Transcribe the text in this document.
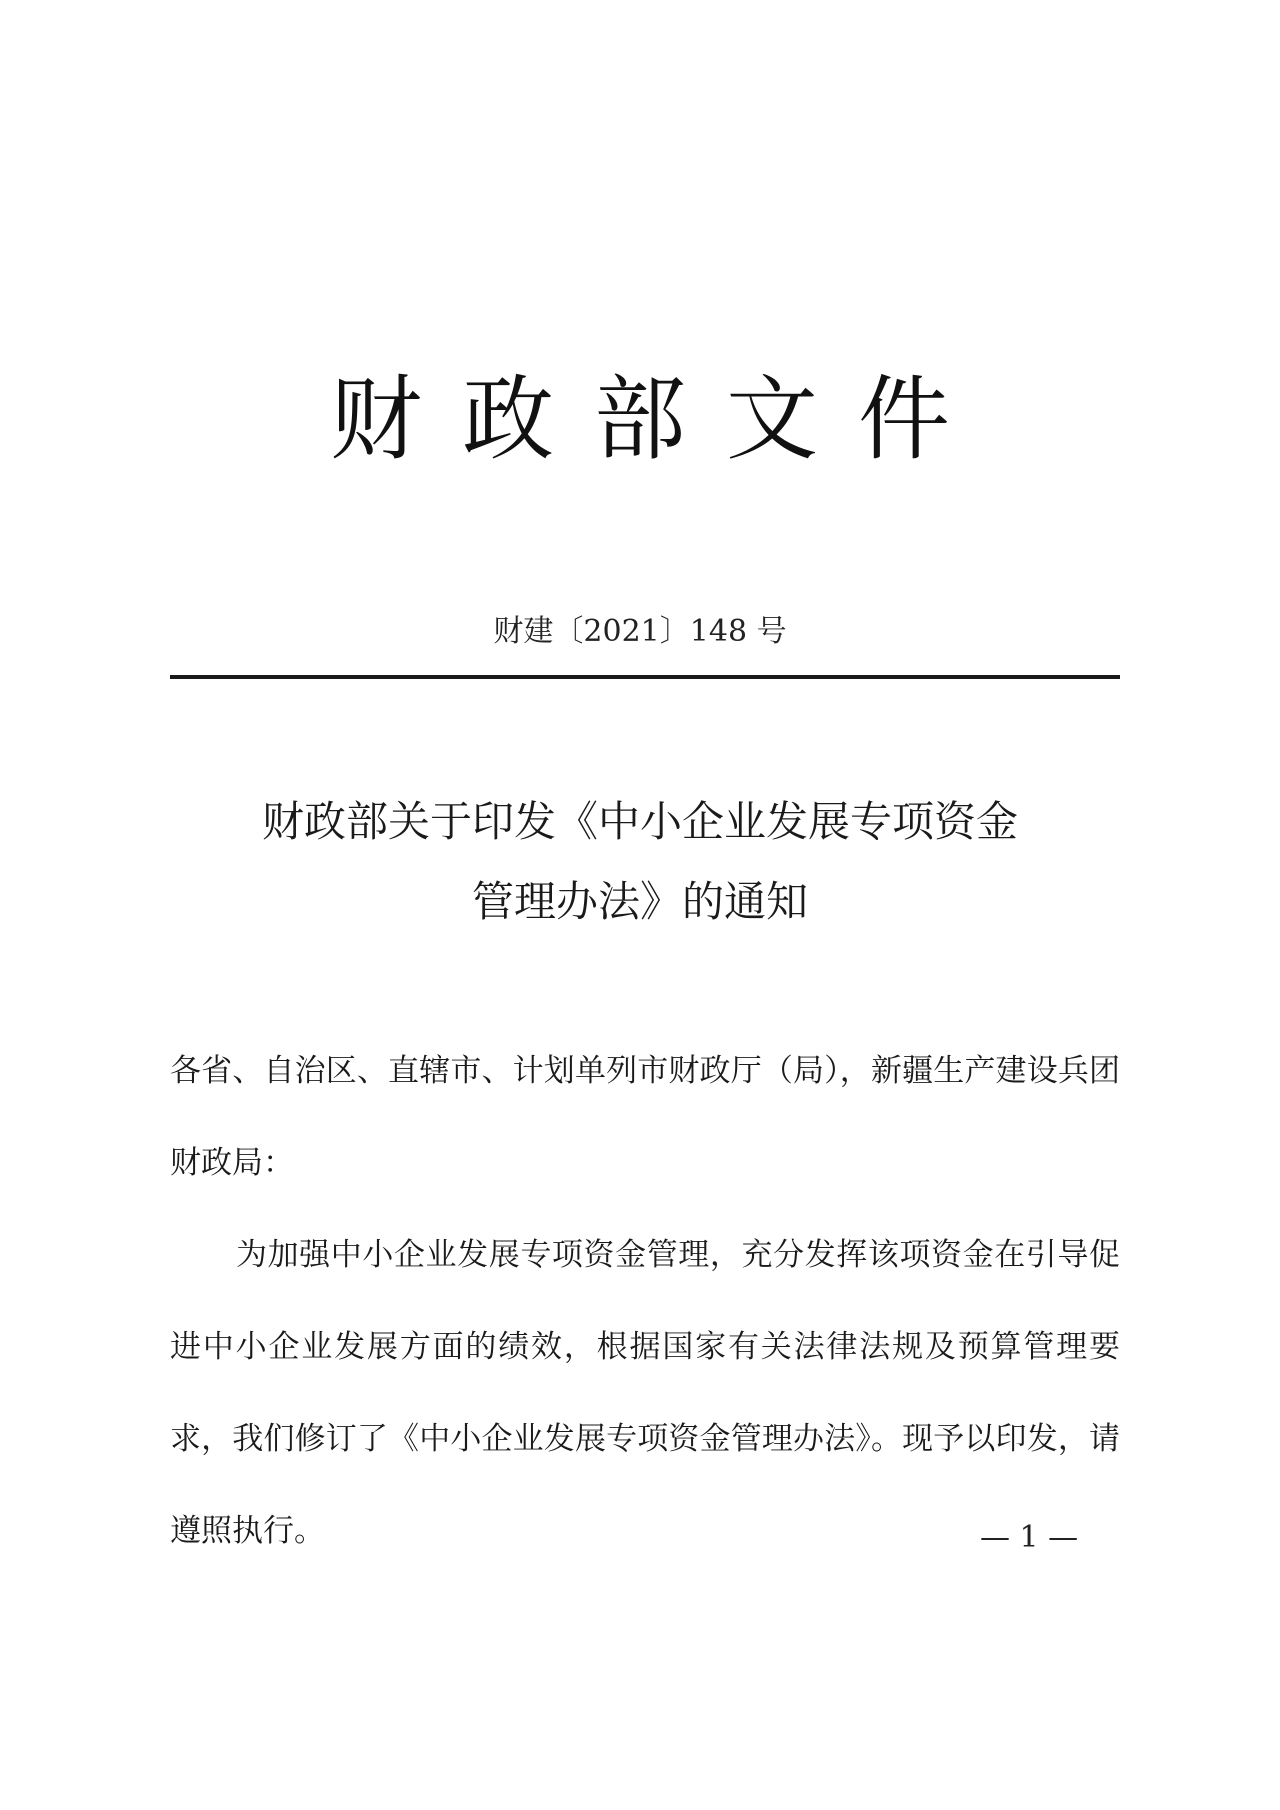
财政部文件
财建〔2021〕148 号
财政部关于印发《中小企业发展专项资金
管理办法》的通知

各省、自治区、直辖市、计划单列市财政厅（局），新疆生产建设兵团财政局：

为加强中小企业发展专项资金管理，充分发挥该项资金在引导促进中小企业发展方面的绩效，根据国家有关法律法规及预算管理要求，我们修订了《中小企业发展专项资金管理办法》。现予以印发，请遵照执行。	— 1 —
